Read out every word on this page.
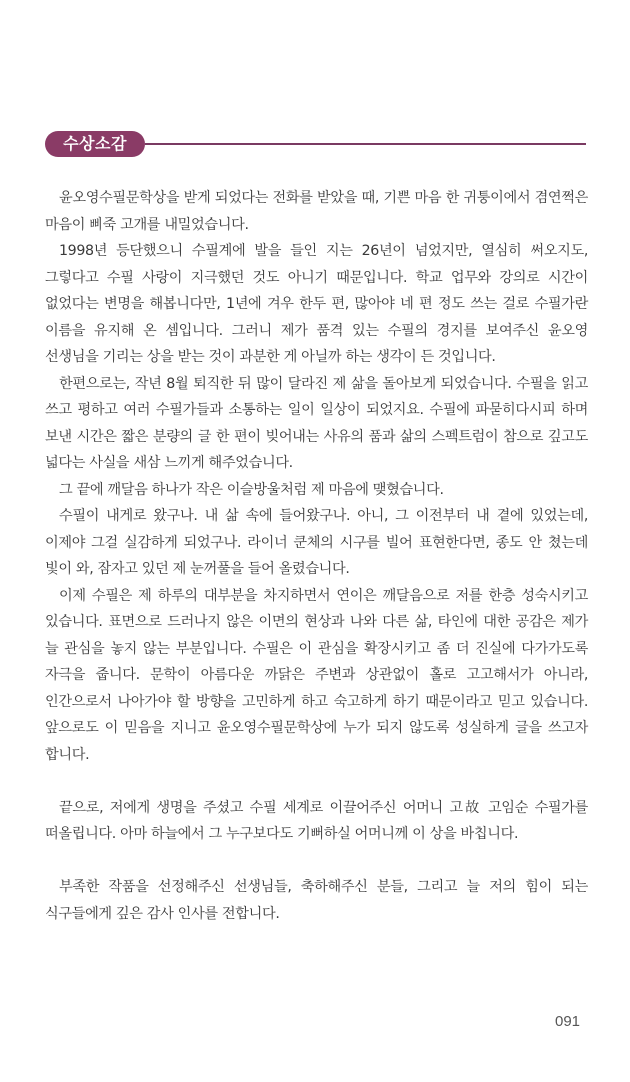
수상소감

윤오영수필문학상을 받게 되었다는 전화를 받았을 때, 기쁜 마음 한 귀퉁이에서 겸연쩍은 마음이 삐죽 고개를 내밀었습니다.

1998년 등단했으니 수필계에 발을 들인 지는 26년이 넘었지만, 열심히 써오지도, 그렇다고 수필 사랑이 지극했던 것도 아니기 때문입니다. 학교 업무와 강의로 시간이 없었다는 변명을 해봅니다만, 1년에 겨우 한두 편, 많아야 네 편 정도 쓰는 걸로 수필가란 이름을 유지해 온 셈입니다. 그러니 제가 품격 있는 수필의 경지를 보여주신 윤오영 선생님을 기리는 상을 받는 것이 과분한 게 아닐까 하는 생각이 든 것입니다.

한편으로는, 작년 8월 퇴직한 뒤 많이 달라진 제 삶을 돌아보게 되었습니다. 수필을 읽고 쓰고 평하고 여러 수필가들과 소통하는 일이 일상이 되었지요. 수필에 파묻히다시피 하며 보낸 시간은 짧은 분량의 글 한 편이 빚어내는 사유의 품과 삶의 스펙트럼이 참으로 깊고도 넓다는 사실을 새삼 느끼게 해주었습니다.

그 끝에 깨달음 하나가 작은 이슬방울처럼 제 마음에 맺혔습니다.

수필이 내게로 왔구나. 내 삶 속에 들어왔구나. 아니, 그 이전부터 내 곁에 있었는데, 이제야 그걸 실감하게 되었구나. 라이너 쿤체의 시구를 빌어 표현한다면, 종도 안 쳤는데 빛이 와, 잠자고 있던 제 눈꺼풀을 들어 올렸습니다.

이제 수필은 제 하루의 대부분을 차지하면서 연이은 깨달음으로 저를 한층 성숙시키고 있습니다. 표면으로 드러나지 않은 이면의 현상과 나와 다른 삶, 타인에 대한 공감은 제가 늘 관심을 놓지 않는 부분입니다. 수필은 이 관심을 확장시키고 좀 더 진실에 다가가도록 자극을 줍니다. 문학이 아름다운 까닭은 주변과 상관없이 홀로 고고해서가 아니라, 인간으로서 나아가야 할 방향을 고민하게 하고 숙고하게 하기 때문이라고 믿고 있습니다. 앞으로도 이 믿음을 지니고 윤오영수필문학상에 누가 되지 않도록 성실하게 글을 쓰고자 합니다.

끝으로, 저에게 생명을 주셨고 수필 세계로 이끌어주신 어머니 고故 고임순 수필가를 떠올립니다. 아마 하늘에서 그 누구보다도 기뻐하실 어머니께 이 상을 바칩니다.

부족한 작품을 선정해주신 선생님들, 축하해주신 분들, 그리고 늘 저의 힘이 되는 식구들에게 깊은 감사 인사를 전합니다.

091
